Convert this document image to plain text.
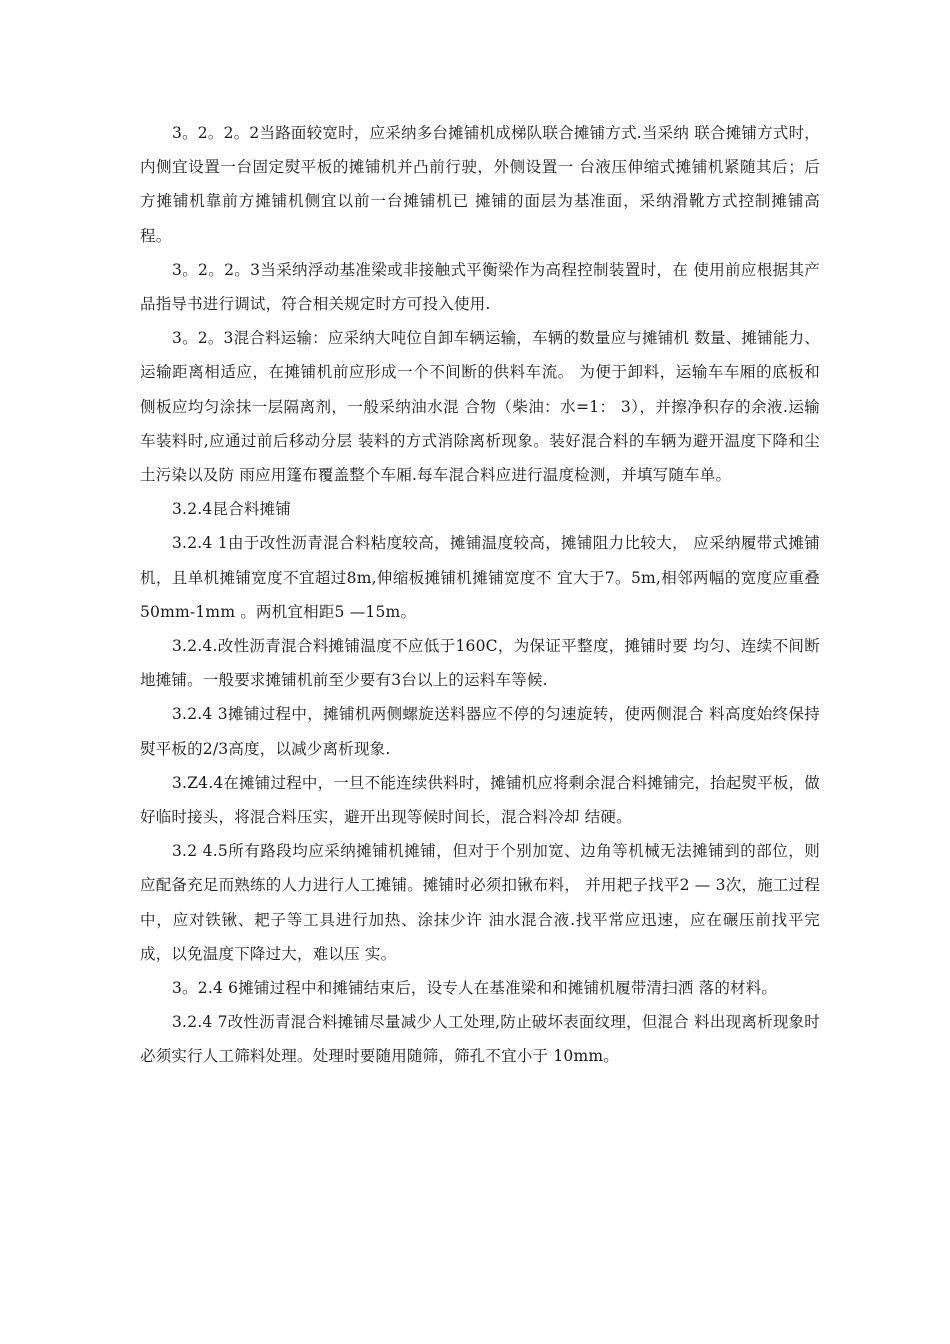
3。2。2。2当路面较宽时，应采纳多台摊铺机成梯队联合摊铺方式.当采纳 联合摊铺方式时，内侧宜设置一台固定熨平板的摊铺机并凸前行驶，外侧设置一 台液压伸缩式摊铺机紧随其后；后方摊铺机靠前方摊铺机侧宜以前一台摊铺机已 摊铺的面层为基准面，采纳滑靴方式控制摊铺高程。

3。2。2。3当采纳浮动基准梁或非接触式平衡梁作为高程控制装置时，在 使用前应根据其产品指导书进行调试，符合相关规定时方可投入使用.

3。2。3混合料运输：应采纳大吨位自卸车辆运输，车辆的数量应与摊铺机 数量、摊铺能力、运输距离相适应，在摊铺机前应形成一个不间断的供料车流。 为便于卸料，运输车车厢的底板和侧板应均匀涂抹一层隔离剂，一般采纳油水混 合物（柴油：水=1： 3），并擦净积存的余液.运输车装料时,应通过前后移动分层 装料的方式消除离析现象。装好混合料的车辆为避开温度下降和尘土污染以及防 雨应用篷布覆盖整个车厢.每车混合料应进行温度检测，并填写随车单。

3.2.4昆合料摊铺

3.2.4 1由于改性沥青混合料粘度较高，摊铺温度较高，摊铺阻力比较大， 应采纳履带式摊铺机，且单机摊铺宽度不宜超过8m,伸缩板摊铺机摊铺宽度不 宜大于7。5m,相邻两幅的宽度应重叠50mm-1mm 。两机宜相距5 —15m。

3.2.4.改性沥青混合料摊铺温度不应低于160C，为保证平整度，摊铺时要 均匀、连续不间断地摊铺。一般要求摊铺机前至少要有3台以上的运料车等候.

3.2.4 3摊铺过程中，摊铺机两侧螺旋送料器应不停的匀速旋转，使两侧混合 料高度始终保持熨平板的2/3高度，以减少离析现象.

3.Z4.4在摊铺过程中，一旦不能连续供料时，摊铺机应将剩余混合料摊铺完，抬起熨平板，做好临时接头，将混合料压实，避开出现等候时间长，混合料冷却 结硬。

3.2 4.5所有路段均应采纳摊铺机摊铺，但对于个别加宽、边角等机械无法摊铺到的部位，则应配备充足而熟练的人力进行人工摊铺。摊铺时必须扣锹布料， 并用耙子找平2 — 3次，施工过程中，应对铁锹、耙子等工具进行加热、涂抹少许 油水混合液.找平常应迅速，应在碾压前找平完成，以免温度下降过大，难以压 实。

3。2.4 6摊铺过程中和摊铺结束后，设专人在基准梁和和摊铺机履带清扫洒 落的材料。

3.2.4 7改性沥青混合料摊铺尽量减少人工处理,防止破坏表面纹理，但混合 料出现离析现象时必须实行人工筛料处理。处理时要随用随筛，筛孔不宜小于 10mm。
